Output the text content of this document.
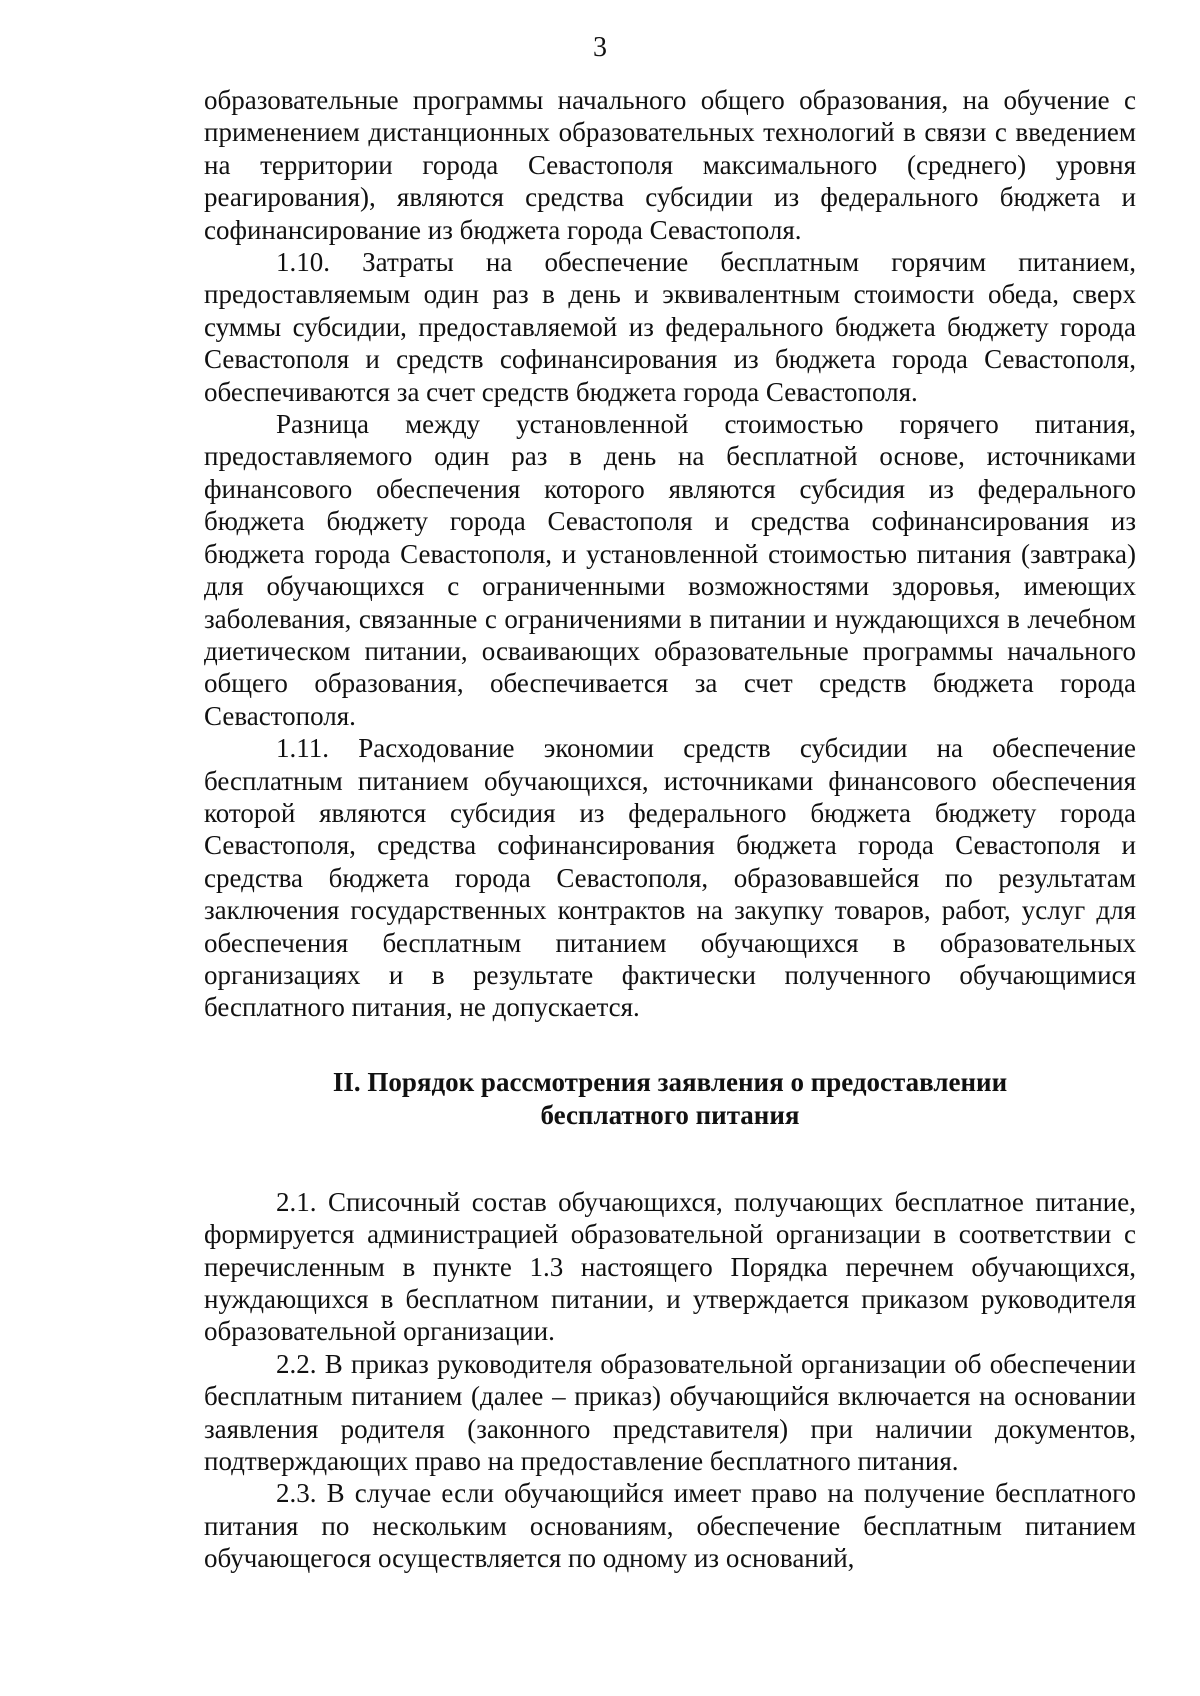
3

образовательные программы начального общего образования, на обучение с применением дистанционных образовательных технологий в связи с введением на территории города Севастополя максимального (среднего) уровня реагирования), являются средства субсидии из федерального бюджета и софинансирование из бюджета города Севастополя.

1.10. Затраты на обеспечение бесплатным горячим питанием, предоставляемым один раз в день и эквивалентным стоимости обеда, сверх суммы субсидии, предоставляемой из федерального бюджета бюджету города Севастополя и средств софинансирования из бюджета города Севастополя, обеспечиваются за счет средств бюджета города Севастополя.

Разница между установленной стоимостью горячего питания, предоставляемого один раз в день на бесплатной основе, источниками финансового обеспечения которого являются субсидия из федерального бюджета бюджету города Севастополя и средства софинансирования из бюджета города Севастополя, и установленной стоимостью питания (завтрака) для обучающихся с ограниченными возможностями здоровья, имеющих заболевания, связанные с ограничениями в питании и нуждающихся в лечебном диетическом питании, осваивающих образовательные программы начального общего образования, обеспечивается за счет средств бюджета города Севастополя.

1.11. Расходование экономии средств субсидии на обеспечение бесплатным питанием обучающихся, источниками финансового обеспечения которой являются субсидия из федерального бюджета бюджету города Севастополя, средства софинансирования бюджета города Севастополя и средства бюджета города Севастополя, образовавшейся по результатам заключения государственных контрактов на закупку товаров, работ, услуг для обеспечения бесплатным питанием обучающихся в образовательных организациях и в результате фактически полученного обучающимися бесплатного питания, не допускается.

II. Порядок рассмотрения заявления о предоставлении
бесплатного питания

2.1. Списочный состав обучающихся, получающих бесплатное питание, формируется администрацией образовательной организации в соответствии с перечисленным в пункте 1.3 настоящего Порядка перечнем обучающихся, нуждающихся в бесплатном питании, и утверждается приказом руководителя образовательной организации.

2.2. В приказ руководителя образовательной организации об обеспечении бесплатным питанием (далее – приказ) обучающийся включается на основании заявления родителя (законного представителя) при наличии документов, подтверждающих право на предоставление бесплатного питания.

2.3. В случае если обучающийся имеет право на получение бесплатного питания по нескольким основаниям, обеспечение бесплатным питанием обучающегося осуществляется по одному из оснований,
